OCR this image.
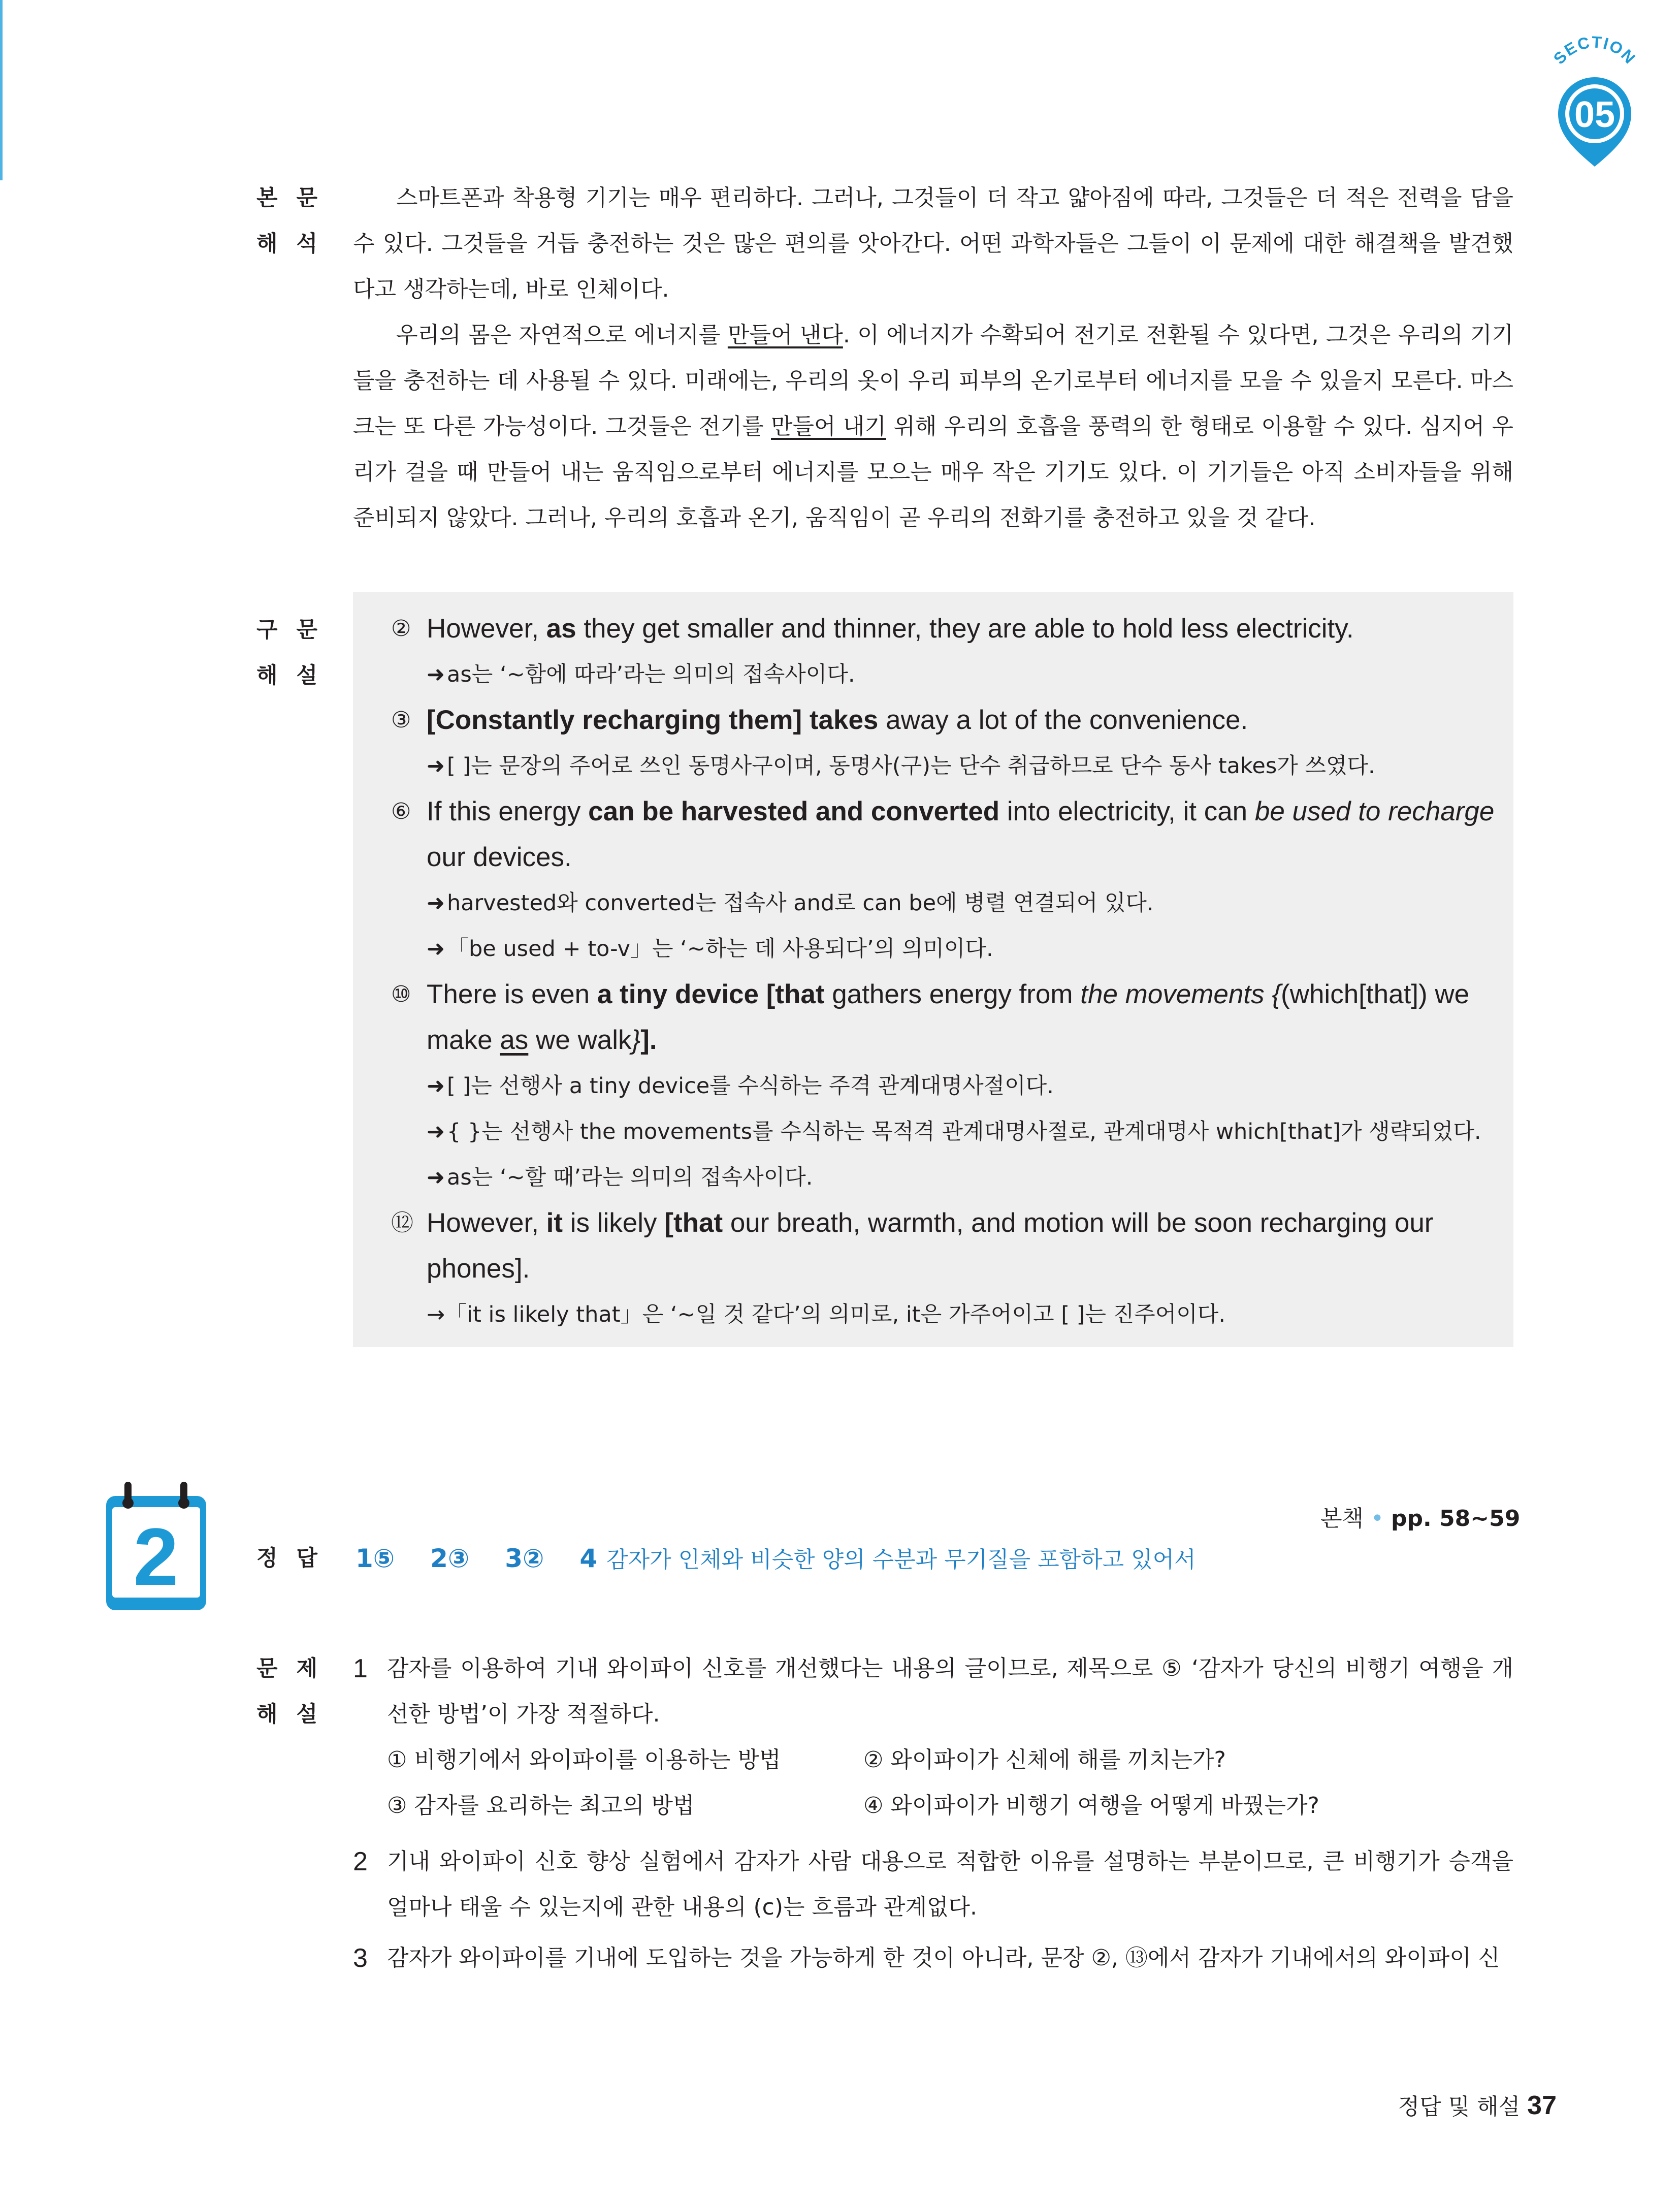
SECTION
05
본 문
해 석

스마트폰과 착용형 기기는 매우 편리하다. 그러나, 그것들이 더 작고 얇아짐에 따라, 그것들은 더 적은 전력을 담을 수 있다. 그것들을 거듭 충전하는 것은 많은 편의를 앗아간다. 어떤 과학자들은 그들이 이 문제에 대한 해결책을 발견했다고 생각하는데, 바로 인체이다.

우리의 몸은 자연적으로 에너지를 만들어 낸다. 이 에너지가 수확되어 전기로 전환될 수 있다면, 그것은 우리의 기기들을 충전하는 데 사용될 수 있다. 미래에는, 우리의 옷이 우리 피부의 온기로부터 에너지를 모을 수 있을지 모른다. 마스크는 또 다른 가능성이다. 그것들은 전기를 만들어 내기 위해 우리의 호흡을 풍력의 한 형태로 이용할 수 있다. 심지어 우리가 걸을 때 만들어 내는 움직임으로부터 에너지를 모으는 매우 작은 기기도 있다. 이 기기들은 아직 소비자들을 위해 준비되지 않았다. 그러나, 우리의 호흡과 온기, 움직임이 곧 우리의 전화기를 충전하고 있을 것 같다.

구 문
해 설
② However, as they get smaller and thinner, they are able to hold less electricity.
➜as는 ‘~함에 따라’라는 의미의 접속사이다.
③ [Constantly recharging them] takes away a lot of the convenience.
➜[ ]는 문장의 주어로 쓰인 동명사구이며, 동명사(구)는 단수 취급하므로 단수 동사 takes가 쓰였다.
⑥ If this energy can be harvested and converted into electricity, it can be used to recharge
our devices.
➜harvested와 converted는 접속사 and로 can be에 병렬 연결되어 있다.
➜「be used + to-v」는 ‘~하는 데 사용되다’의 의미이다.
⑩ There is even a tiny device [that gathers energy from the movements {(which[that]) we
make as we walk}].
➜[ ]는 선행사 a tiny device를 수식하는 주격 관계대명사절이다.
➜{ }는 선행사 the movements를 수식하는 목적격 관계대명사절로, 관계대명사 which[that]가 생략되었다.
➜as는 ‘~할 때’라는 의미의 접속사이다.
⑫ However, it is likely [that our breath, warmth, and motion will be soon recharging our
phones].
→「it is likely that」은 ‘~일 것 같다’의 의미로, it은 가주어이고 [ ]는 진주어이다.
2	본책 • pp. 58~59
정 답 1⑤ 2③ 3② 4 감자가 인체와 비슷한 양의 수분과 무기질을 포함하고 있어서
문 제
해 설
1 감자를 이용하여 기내 와이파이 신호를 개선했다는 내용의 글이므로, 제목으로 ⑤ ‘감자가 당신의 비행기 여행을 개선한 방법’이 가장 적절하다.
① 비행기에서 와이파이를 이용하는 방법	② 와이파이가 신체에 해를 끼치는가?
③ 감자를 요리하는 최고의 방법	④ 와이파이가 비행기 여행을 어떻게 바꿨는가?
2 기내 와이파이 신호 향상 실험에서 감자가 사람 대용으로 적합한 이유를 설명하는 부분이므로, 큰 비행기가 승객을 얼마나 태울 수 있는지에 관한 내용의 (c)는 흐름과 관계없다.
3 감자가 와이파이를 기내에 도입하는 것을 가능하게 한 것이 아니라, 문장 ②, ⑬에서 감자가 기내에서의 와이파이 신
정답 및 해설 37
